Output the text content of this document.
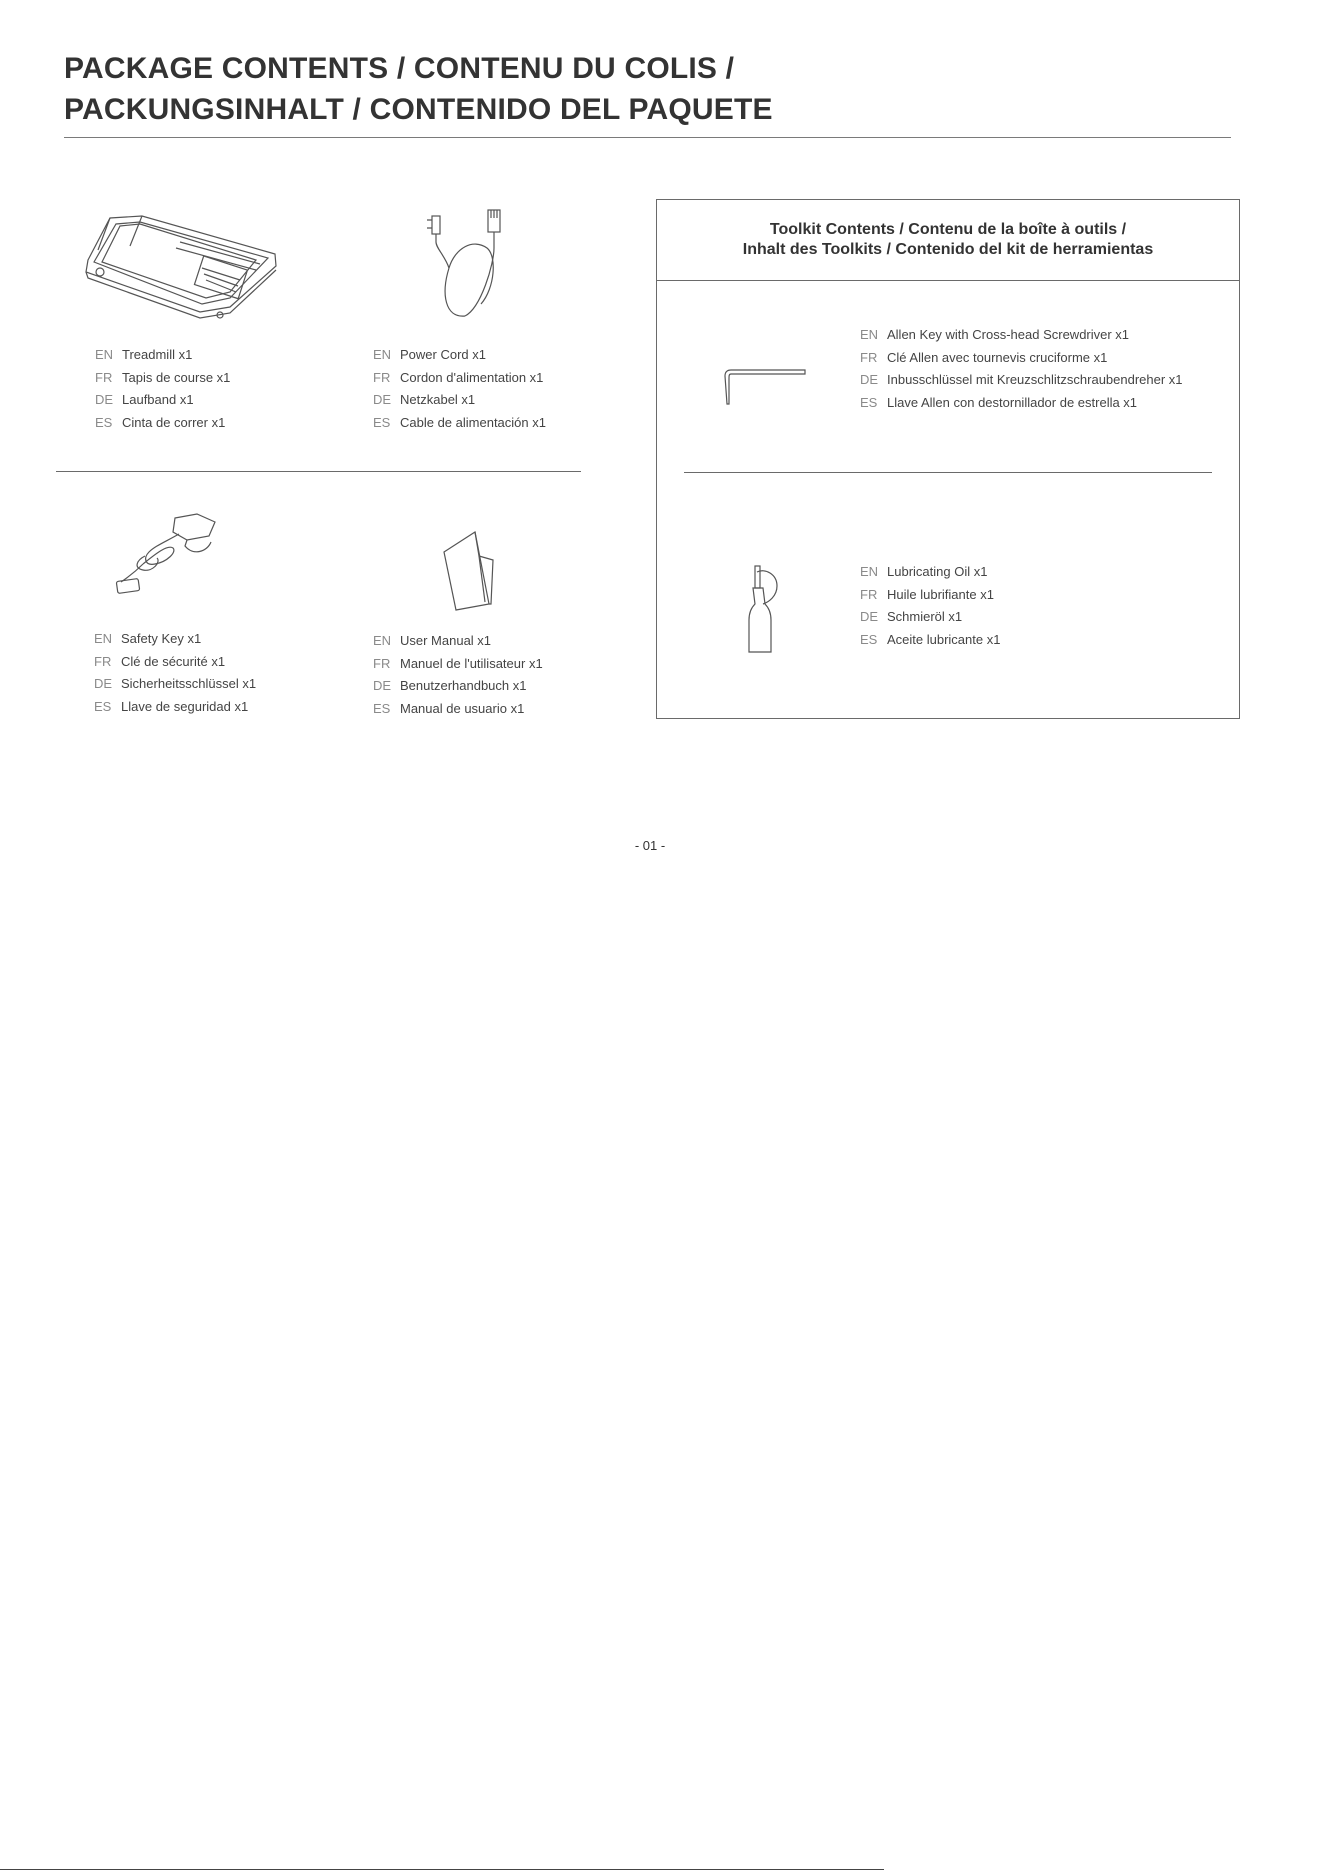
PACKAGE CONTENTS / CONTENU DU COLIS /
PACKUNGSINHALT / CONTENIDO DEL PAQUETE
EN Treadmill x1
FR Tapis de course x1
DE Laufband x1
ES Cinta de correr x1
EN Power Cord x1
FR Cordon d'alimentation x1
DE Netzkabel x1
ES Cable de alimentación x1
EN Safety Key x1
FR Clé de sécurité x1
DE Sicherheitsschlüssel x1
ES Llave de seguridad x1
EN User Manual x1
FR Manuel de l'utilisateur x1
DE Benutzerhandbuch x1
ES Manual de usuario x1
Toolkit Contents / Contenu de la boîte à outils /
Inhalt des Toolkits / Contenido del kit de herramientas
EN Allen Key with Cross-head Screwdriver x1
FR Clé Allen avec tournevis cruciforme x1
DE Inbusschlüssel mit Kreuzschlitzschraubendreher x1
ES Llave Allen con destornillador de estrella x1
EN Lubricating Oil x1
FR Huile lubrifiante x1
DE Schmieröl x1
ES Aceite lubricante x1
- 01 -
